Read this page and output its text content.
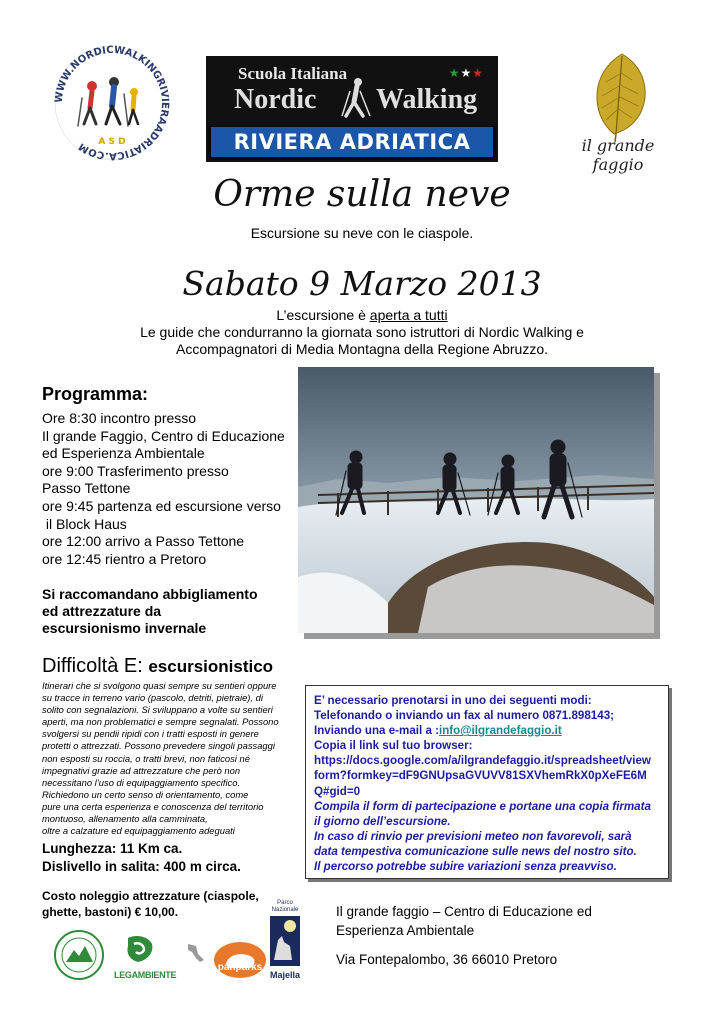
WWW.NORDICWALKINGRIVIERAADRIATICA.COM A S D
Scuola Italiana	★★★
Nordic Walking
RIVIERA ADRIATICA	il grande faggio
Orme sulla neve
Escursione su neve con le ciaspole.
Sabato 9 Marzo 2013
L’escursione è aperta a tutti
Le guide che condurranno la giornata sono istruttori di Nordic Walking e
Accompagnatori di Media Montagna della Regione Abruzzo.
Programma:
Ore 8:30 incontro presso
Il grande Faggio, Centro di Educazione
ed Esperienza Ambientale
ore 9:00 Trasferimento presso
Passo Tettone
ore 9:45 partenza ed escursione verso
il Block Haus
ore 12:00 arrivo a Passo Tettone
ore 12:45 rientro a Pretoro
Si raccomandano abbigliamento
ed attrezzature da
escursionismo invernale
Difficoltà E: escursionistico
Itinerari che si svolgono quasi sempre su sentieri oppure
su tracce in terreno vario (pascolo, detriti, pietraie), di
solito con segnalazioni. Si sviluppano a volte su sentieri
aperti, ma non problematici e sempre segnalati. Possono
svolgersi su pendii ripidi con i tratti esposti in genere
protetti o attrezzati. Possono prevedere singoli passaggi
non esposti su roccia, o tratti brevi, non faticosi né
impegnativi grazie ad attrezzature che però non
necessitano l’uso di equipaggiamento specifico.
Richiedono un certo senso di orientamento, come
pure una certa esperienza e conoscenza del territorio
montuoso, allenamento alla camminata,
oltre a calzature ed equipaggiamento adeguati
Lunghezza: 11 Km ca.
Dislivello in salita: 400 m circa.
Costo noleggio attrezzature (ciaspole,
ghette, bastoni) € 10,00.
E’ necessario prenotarsi in uno dei seguenti modi:
Telefonando o inviando un fax al numero 0871.898143;
Inviando una e-mail a :info@ilgrandefaggio.it
Copia il link sul tuo browser:
https://docs.google.com/a/ilgrandefaggio.it/spreadsheet/view
form?formkey=dF9GNUpsaGVUVV81SXVhemRkX0pXeFE6M
Q#gid=0
Compila il form di partecipazione e portane una copia firmata
il giorno dell’escursione.
In caso di rinvio per previsioni meteo non favorevoli, sarà
data tempestiva comunicazione sulle news del nostro sito.
Il percorso potrebbe subire variazioni senza preavviso.
Il grande faggio – Centro di Educazione ed
Esperienza Ambientale
Via Fontepalombo, 36 66010 Pretoro
LEGAMBIENTE
panparks
Parco Nazionale
Majella
